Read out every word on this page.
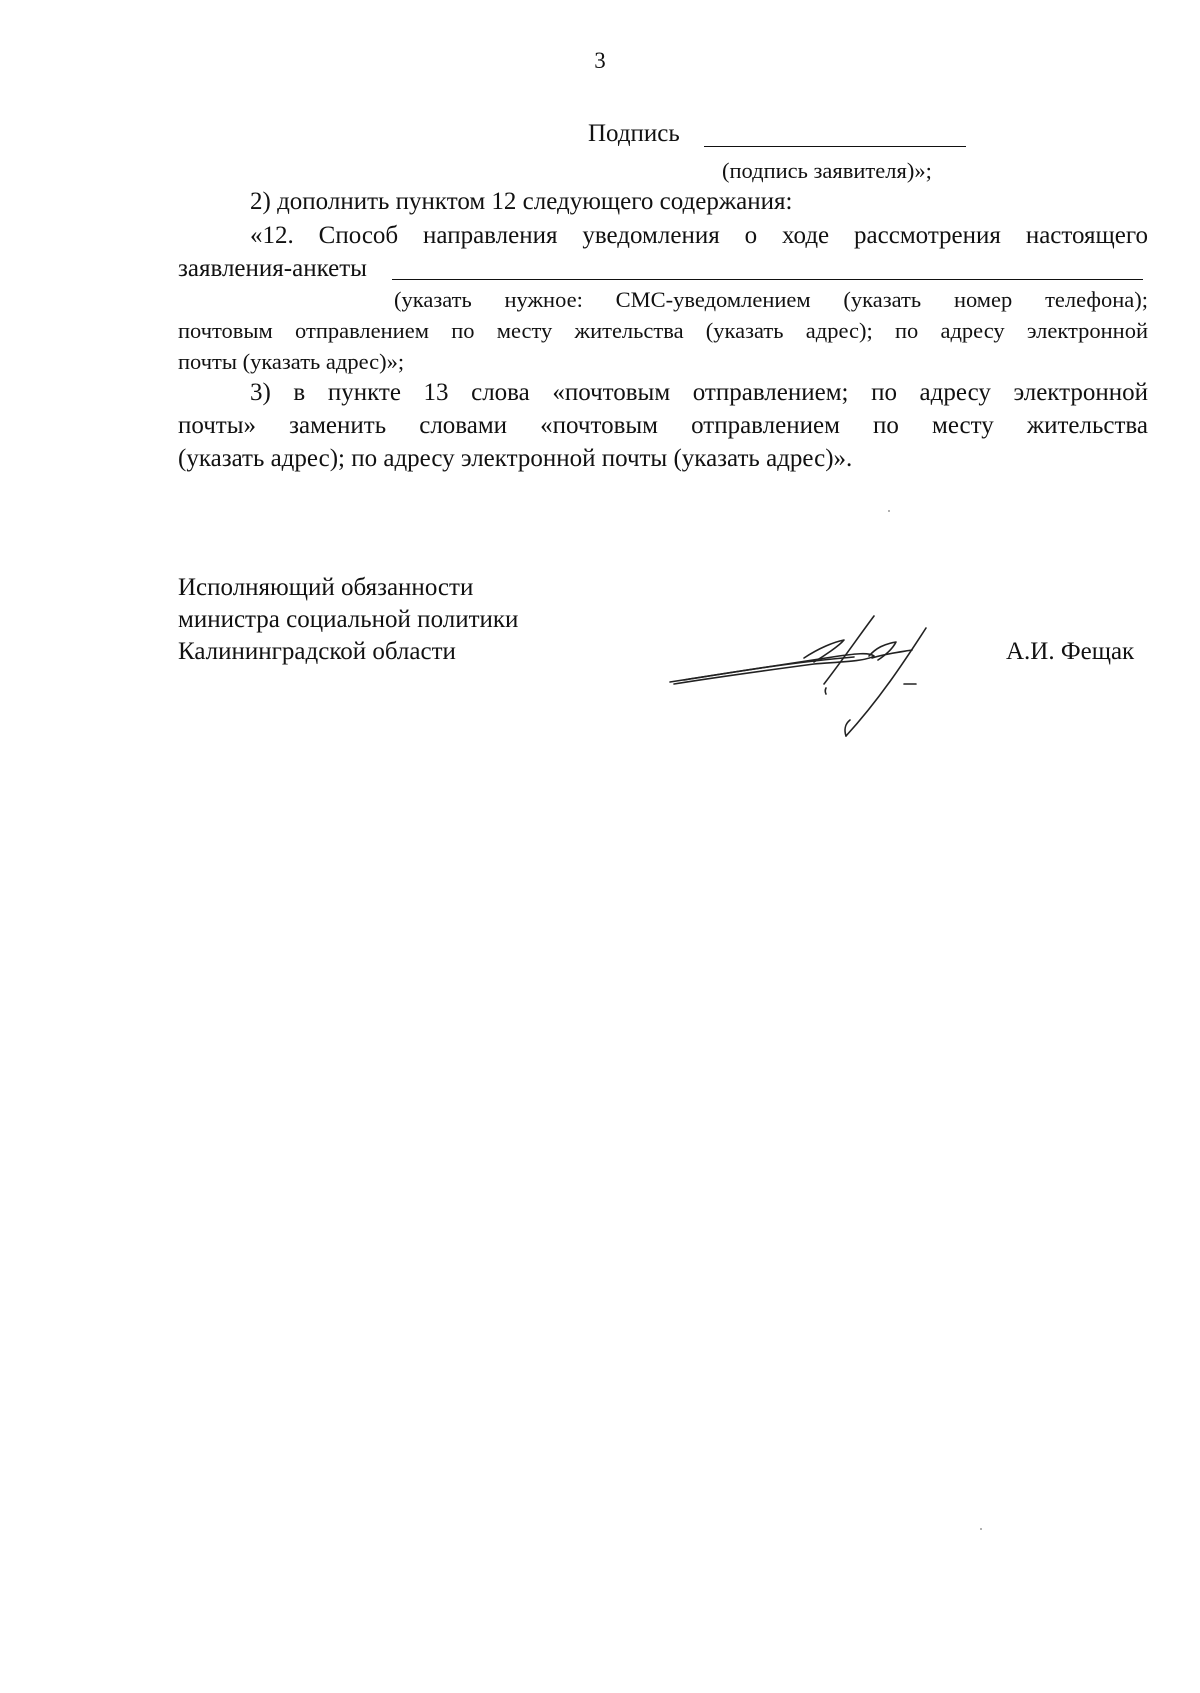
3
Подпись
(подпись заявителя)»;
2) дополнить пунктом 12 следующего содержания:
«12. Способ направления уведомления о ходе рассмотрения настоящего
заявления-анкеты
(указать нужное: СМС-уведомлением (указать номер телефона);
почтовым отправлением по месту жительства (указать адрес); по адресу электронной
почты (указать адрес)»;
3) в пункте 13 слова «почтовым отправлением; по адресу электронной
почты» заменить словами «почтовым отправлением по месту жительства
(указать адрес); по адресу электронной почты (указать адрес)».
Исполняющий обязанности
министра социальной политики
Калининградской области	А.И. Фещак
